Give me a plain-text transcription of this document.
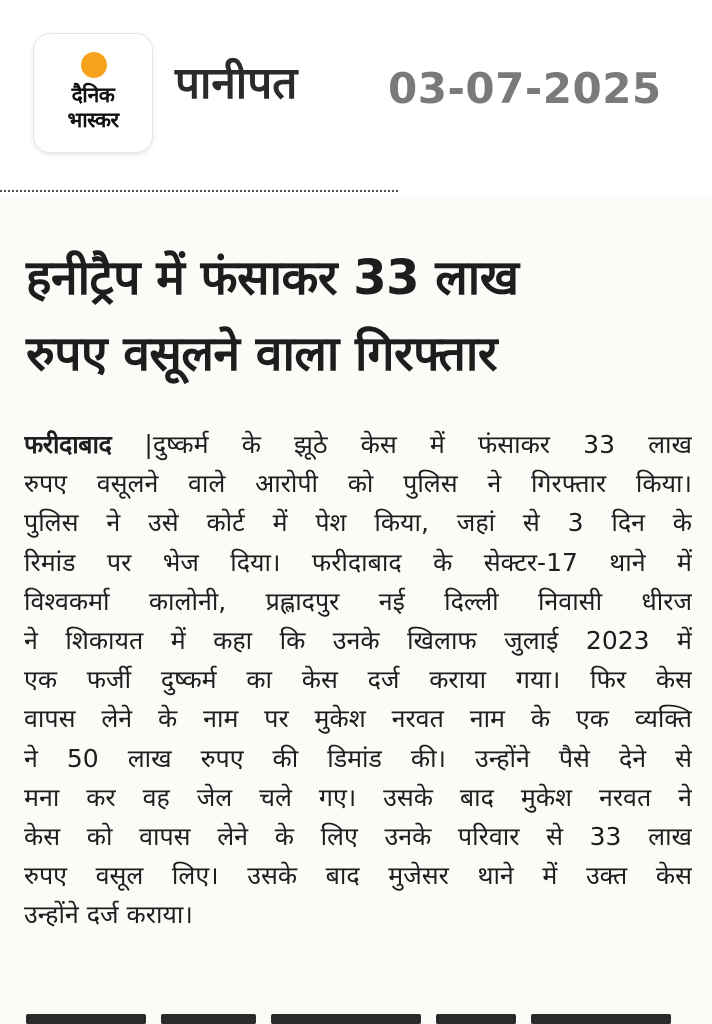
दैनिक
भास्कर
पानीपत 03-07-2025
हनीट्रैप में फंसाकर 33 लाख
रुपए वसूलने वाला गिरफ्तार
फरीदाबाद |दुष्कर्म के झूठे केस में फंसाकर 33 लाख
रुपए वसूलने वाले आरोपी को पुलिस ने गिरफ्तार किया।
पुलिस ने उसे कोर्ट में पेश किया, जहां से 3 दिन के
रिमांड पर भेज दिया। फरीदाबाद के सेक्टर-17 थाने में
विश्वकर्मा कालोनी, प्रह्लादपुर नई दिल्ली निवासी धीरज
ने शिकायत में कहा कि उनके खिलाफ जुलाई 2023 में
एक फर्जी दुष्कर्म का केस दर्ज कराया गया। फिर केस
वापस लेने के नाम पर मुकेश नरवत नाम के एक व्यक्ति
ने 50 लाख रुपए की डिमांड की। उन्होंने पैसे देने से
मना कर वह जेल चले गए। उसके बाद मुकेश नरवत ने
केस को वापस लेने के लिए उनके परिवार से 33 लाख
रुपए वसूल लिए। उसके बाद मुजेसर थाने में उक्त केस
उन्होंने दर्ज कराया।
